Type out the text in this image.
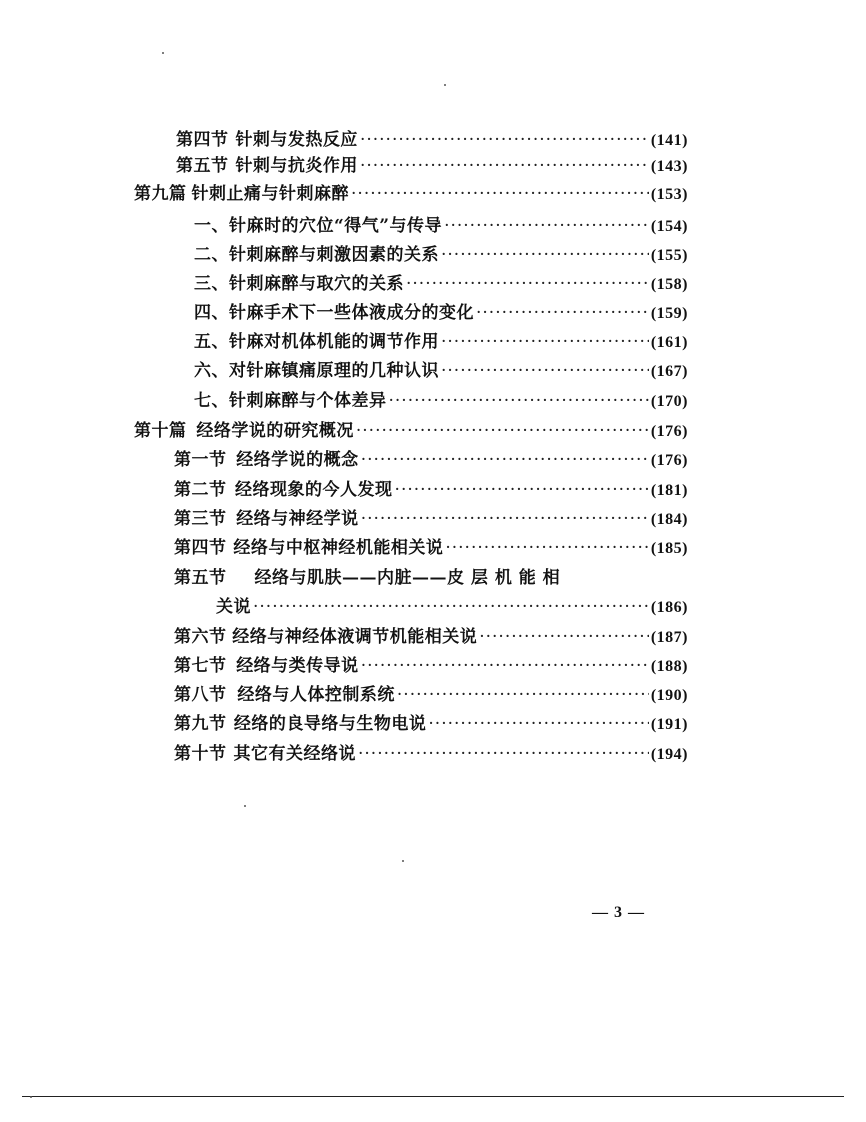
第四节 针刺与发热反应 ·····	(141)
第五节 针刺与抗炎作用 ·····	(143)
第九篇 针刺止痛与针刺麻醉 ·····	(153)
一、 针麻时的穴位“得气”与传导 ·····	(154)
二、 针刺麻醉与刺激因素的关系 ·····	(155)
三、 针刺麻醉与取穴的关系 ·····	(158)
四、 针麻手术下一些体液成分的变化 ·····	(159)
五、 针麻对机体机能的调节作用 ·····	(161)
六、 对针麻镇痛原理的几种认识 ·····	(167)
七、 针刺麻醉与个体差异 ·····	(170)
第十篇 经络学说的研究概况 ·····	(176)
第一节 经络学说的概念 ·····	(176)
第二节 经络现象的今人发现 ·····	(181)
第三节 经络与神经学说 ·····	(184)
第四节 经络与中枢神经机能相关说 ·····	(185)
第五节 经络与肌肤——内脏——皮 层 机 能 相
关说 ·····	(186)
第六节 经络与神经体液调节机能相关说 ·····	(187)
第七节 经络与类传导说 ·····	(188)
第八节 经络与人体控制系统 ·····	(190)
第九节 经络的良导络与生物电说 ·····	(191)
第十节 其它有关经络说 ·····	(194)
— 3 —
